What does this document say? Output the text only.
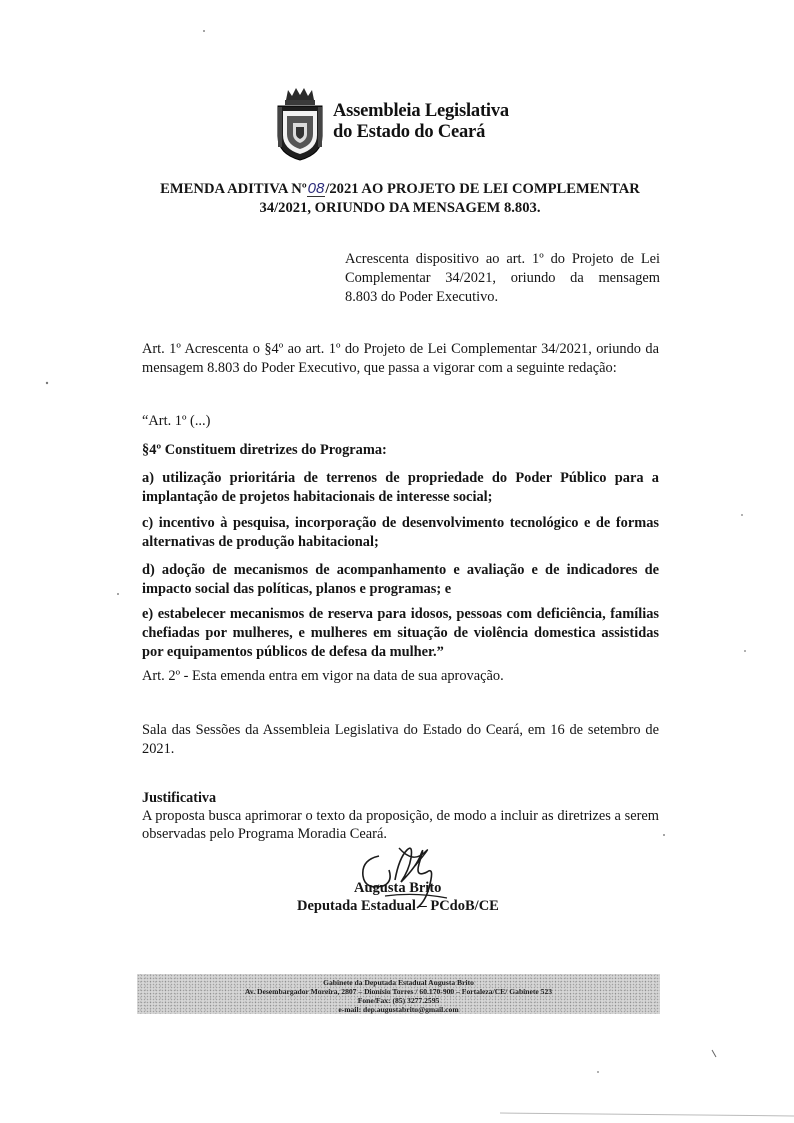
Assembleia Legislativa
do Estado do Ceará
EMENDA ADITIVA Nº08/2021 AO PROJETO DE LEI COMPLEMENTAR
34/2021, ORIUNDO DA MENSAGEM 8.803.
Acrescenta dispositivo ao art. 1º do Projeto de Lei
Complementar 34/2021, oriundo da mensagem
8.803 do Poder Executivo.
Art. 1º Acrescenta o §4º ao art. 1º do Projeto de Lei Complementar 34/2021, oriundo da mensagem 8.803 do Poder Executivo, que passa a vigorar com a seguinte redação:
“Art. 1º (...)
§4º Constituem diretrizes do Programa:
a) utilização prioritária de terrenos de propriedade do Poder Público para a implantação de projetos habitacionais de interesse social;
c) incentivo à pesquisa, incorporação de desenvolvimento tecnológico e de formas alternativas de produção habitacional;
d) adoção de mecanismos de acompanhamento e avaliação e de indicadores de impacto social das políticas, planos e programas; e
e) estabelecer mecanismos de reserva para idosos, pessoas com deficiência, famílias chefiadas por mulheres, e mulheres em situação de violência domestica assistidas por equipamentos públicos de defesa da mulher.”
Art. 2º - Esta emenda entra em vigor na data de sua aprovação.
Sala das Sessões da Assembleia Legislativa do Estado do Ceará, em 16 de setembro de 2021.
Justificativa
A proposta busca aprimorar o texto da proposição, de modo a incluir as diretrizes a serem observadas pelo Programa Moradia Ceará.
Augusta Brito
Deputada Estadual – PCdoB/CE
Gabinete da Deputada Estadual Augusta Brito
Av. Desembargador Moreira, 2807 – Dionísio Torres / 60.170-900 – Fortaleza/CE/ Gabinete 523
Fone/Fax: (85) 3277.2595
e-mail: dep.augustabrito@gmail.com
